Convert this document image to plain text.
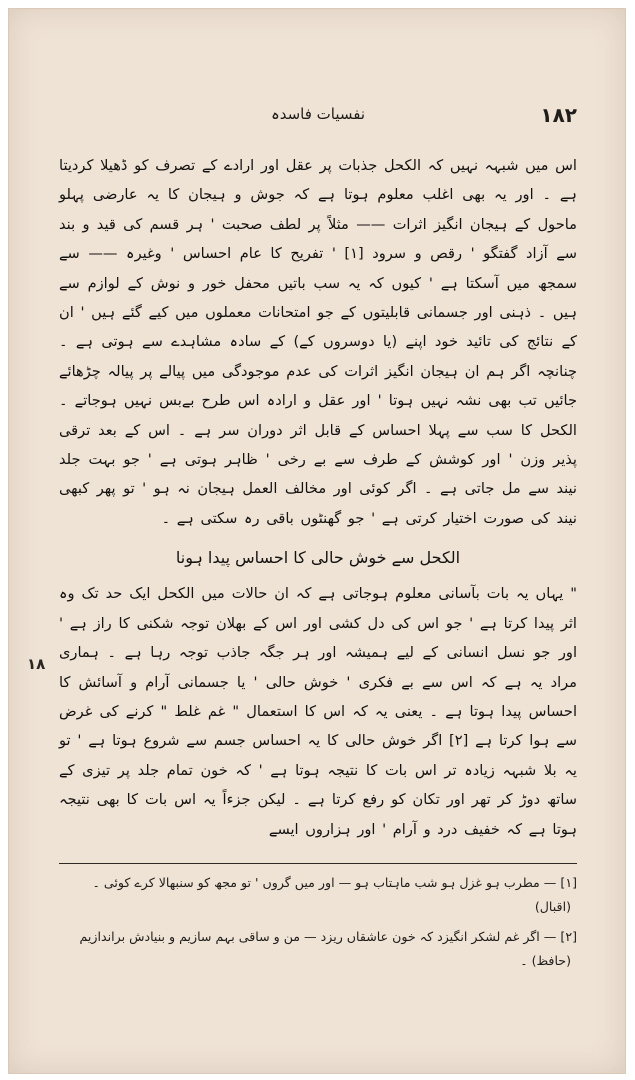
۱۸۲
نفسیات فاسدہ

اس میں شبہہ نہیں کہ الکحل جذبات پر عقل اور ارادے کے تصرف کو ڈھیلا کردیتا ہے ۔ اور یہ بھی اغلب معلوم ہوتا ہے کہ جوش و ہیجان کا یہ عارضی پہلو ماحول کے ہیجان انگیز اثرات —— مثلاً پر لطف صحبت ' ہر قسم کی قید و بند سے آزاد گفتگو ' رقص و سرود [۱] ' تفریح کا عام احساس ' وغیرہ —— سے سمجھ میں آسکتا ہے ' کیوں کہ یہ سب باتیں محفل خور و نوش کے لوازم سے ہیں ۔ ذہنی اور جسمانی قابلیتوں کے جو امتحانات معملوں میں کیے گئے ہیں ' ان کے نتائج کی تائید خود اپنے (یا دوسروں کے) کے سادہ مشاہدے سے ہوتی ہے ۔ چنانچہ اگر ہم ان ہیجان انگیز اثرات کی عدم موجودگی میں پیالے پر پیالہ چڑھائے جائیں تب بھی نشہ نہیں ہوتا ' اور عقل و ارادہ اس طرح بےبس نہیں ہوجاتے ۔ الکحل کا سب سے پہلا احساس کے قابل اثر دوران سر ہے ۔ اس کے بعد ترقی پذیر وزن ' اور کوشش کے طرف سے بے رخی ' ظاہر ہوتی ہے ' جو بہت جلد نیند سے مل جاتی ہے ۔ اگر کوئی اور مخالف العمل ہیجان نہ ہو ' تو پھر کبھی نیند کی صورت اختیار کرتی ہے ' جو گھنٹوں باقی رہ سکتی ہے ۔

الکحل سے خوش حالی کا احساس پیدا ہونا

" یہاں یہ بات بآسانی معلوم ہوجاتی ہے کہ ان حالات میں الکحل ایک حد تک وہ اثر پیدا کرتا ہے ' جو اس کی دل کشی اور اس کے بھلان توجہ شکنی کا راز ہے ' اور جو نسل انسانی کے لیے ہمیشہ اور ہر جگہ جاذب توجہ رہا ہے ۔ ہماری مراد یہ ہے کہ اس سے بے فکری ' خوش حالی ' یا جسمانی آرام و آسائش کا احساس پیدا ہوتا ہے ۔ یعنی یہ کہ اس کا استعمال " غم غلط " کرنے کی غرض سے ہوا کرتا ہے [۲] اگر خوش حالی کا یہ احساس جسم سے شروع ہوتا ہے ' تو یہ بلا شبہہ زیادہ تر اس بات کا نتیجہ ہوتا ہے ' کہ خون تمام جلد پر تیزی کے ساتھ دوڑ کر تھر اور تکان کو رفع کرتا ہے ۔ لیکن جزءاً یہ اس بات کا بھی نتیجہ ہوتا ہے کہ خفیف درد و آرام ' اور ہزاروں ایسے

۱۸

[۱] — مطرب ہو غزل ہو شب ماہتاب ہو — اور میں گروں ' تو مجھ کو سنبھالا کرے کوئی ۔ (اقبال)

[۲] — اگر غم لشکر انگیزد کہ خون عاشقاں ریزد — من و ساقی بہم سازیم و بنیادش براندازیم (حافظ) ۔
